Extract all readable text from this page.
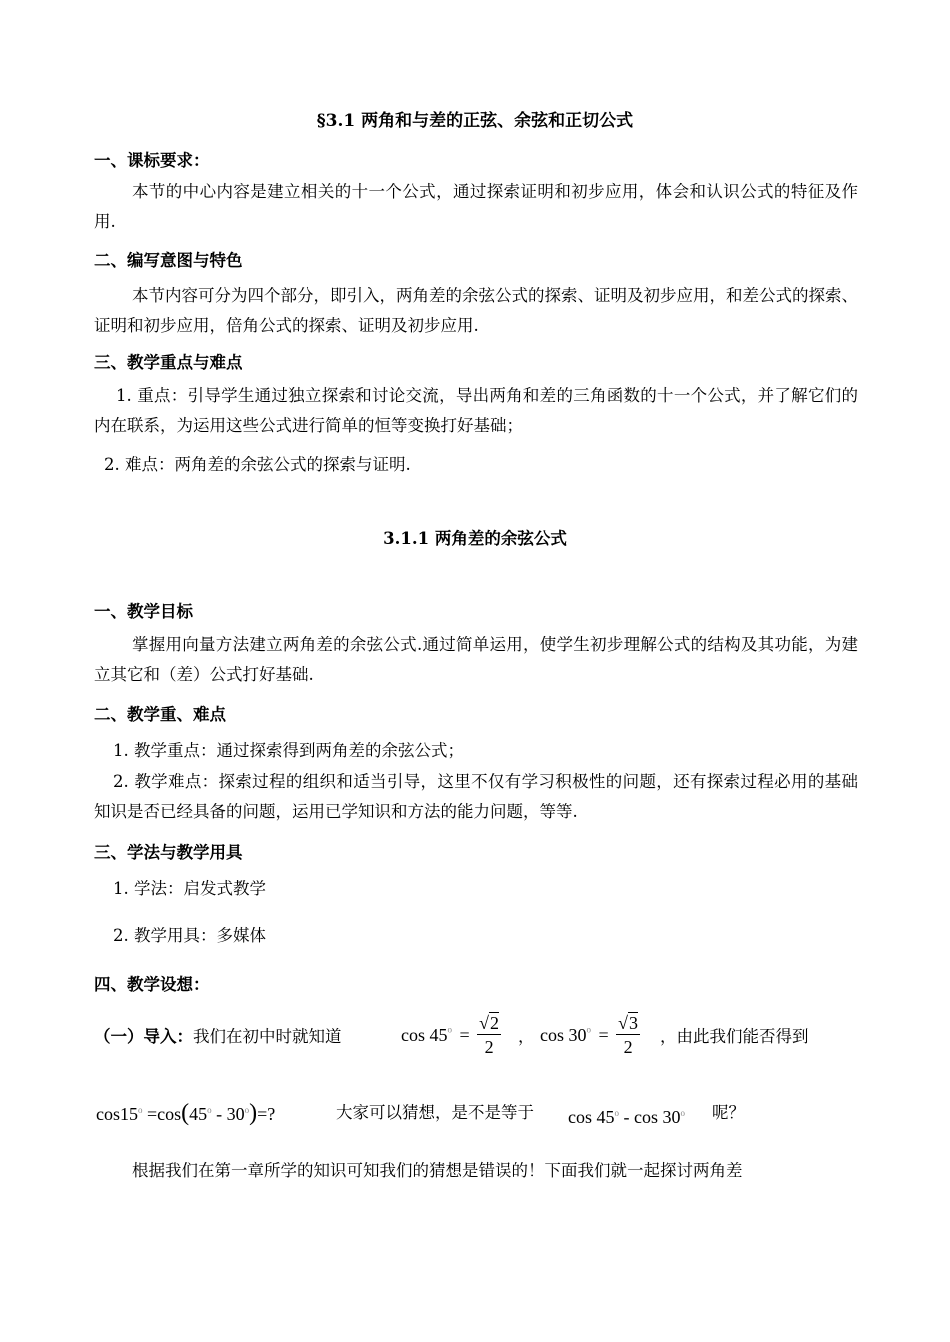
§3.1 两角和与差的正弦、余弦和正切公式
一、课标要求：
本节的中心内容是建立相关的十一个公式，通过探索证明和初步应用，体会和认识公式的特征及作用.
二、编写意图与特色
本节内容可分为四个部分，即引入，两角差的余弦公式的探索、证明及初步应用，和差公式的探索、证明和初步应用，倍角公式的探索、证明及初步应用.
三、教学重点与难点
1. 重点：引导学生通过独立探索和讨论交流，导出两角和差的三角函数的十一个公式，并了解它们的内在联系，为运用这些公式进行简单的恒等变换打好基础；
2. 难点：两角差的余弦公式的探索与证明.
3.1.1 两角差的余弦公式
一、教学目标
掌握用向量方法建立两角差的余弦公式.通过简单运用，使学生初步理解公式的结构及其功能，为建立其它和（差）公式打好基础.
二、教学重、难点
1. 教学重点：通过探索得到两角差的余弦公式；
2. 教学难点：探索过程的组织和适当引导，这里不仅有学习积极性的问题，还有探索过程必用的基础知识是否已经具备的问题，运用已学知识和方法的能力问题，等等.
三、学法与教学用具
1. 学法：启发式教学
2. 教学用具：多媒体
四、教学设想：
（一）导入：我们在初中时就知道	$\cos 45^o = \frac{√2}{2}$ ， $\cos 30^o = \frac{√3}{2}$ ，由此我们能否得到
$\cos 15^o =\cos(45^o - 30^o)=$?	大家可以猜想，是不是等于 cos 45$^o$ - cos 30$^o$ 呢？
根据我们在第一章所学的知识可知我们的猜想是错误的！下面我们就一起探讨两角差
